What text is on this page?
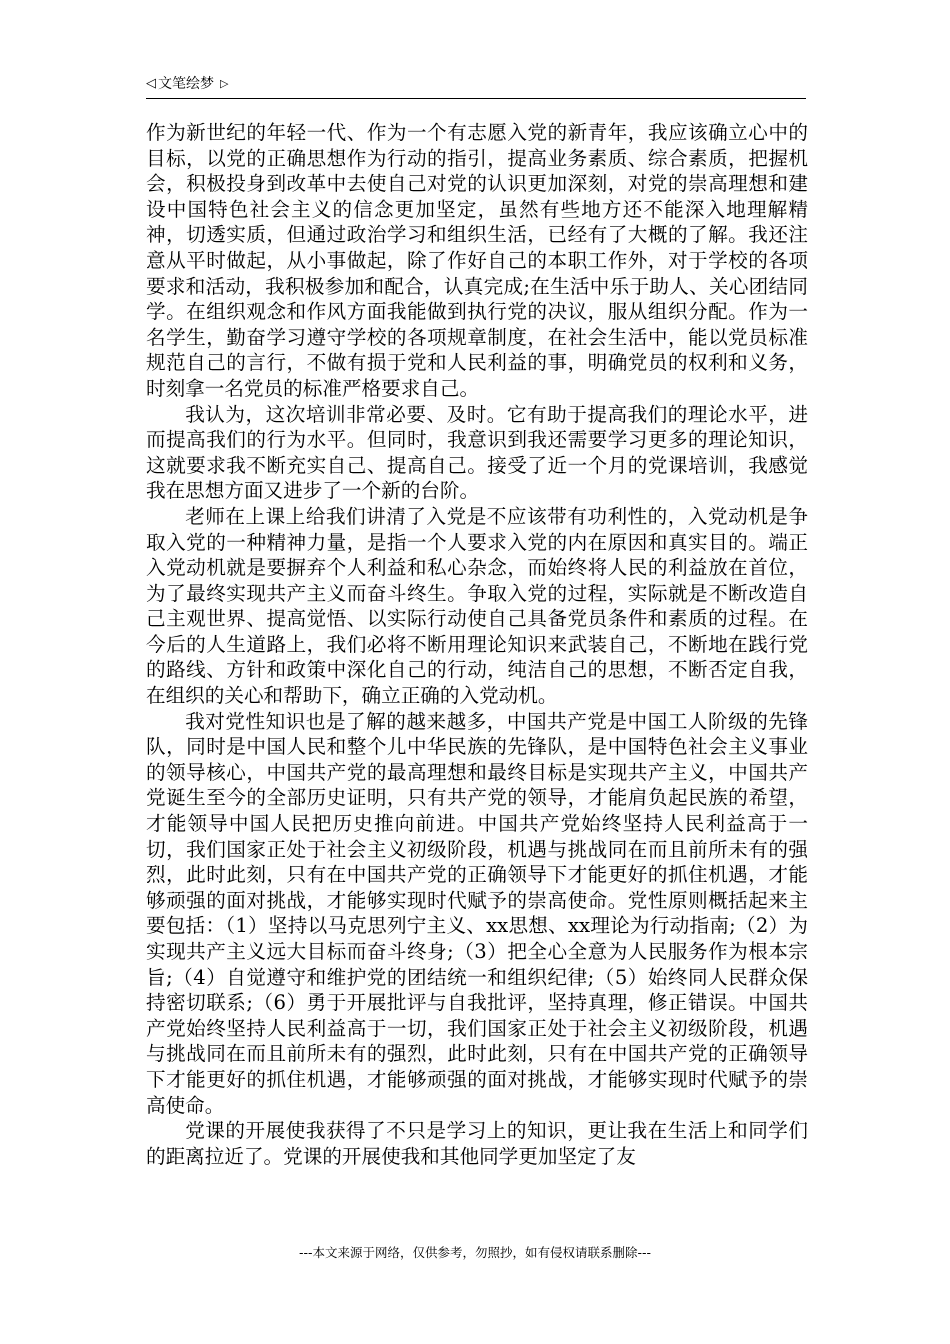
◁ 文笔绘梦 ▷

作为新世纪的年轻一代、作为一个有志愿入党的新青年，我应该确立心中的目标，以党的正确思想作为行动的指引，提高业务素质、综合素质，把握机会，积极投身到改革中去使自己对党的认识更加深刻，对党的崇高理想和建设中国特色社会主义的信念更加坚定，虽然有些地方还不能深入地理解精神，切透实质，但通过政治学习和组织生活，已经有了大概的了解。我还注意从平时做起，从小事做起，除了作好自己的本职工作外，对于学校的各项要求和活动，我积极参加和配合，认真完成;在生活中乐于助人、关心团结同学。在组织观念和作风方面我能做到执行党的决议，服从组织分配。作为一名学生，勤奋学习遵守学校的各项规章制度，在社会生活中，能以党员标准规范自己的言行，不做有损于党和人民利益的事，明确党员的权利和义务，时刻拿一名党员的标准严格要求自己。

我认为，这次培训非常必要、及时。它有助于提高我们的理论水平，进而提高我们的行为水平。但同时，我意识到我还需要学习更多的理论知识，这就要求我不断充实自己、提高自己。接受了近一个月的党课培训，我感觉我在思想方面又进步了一个新的台阶。

老师在上课上给我们讲清了入党是不应该带有功利性的，入党动机是争取入党的一种精神力量，是指一个人要求入党的内在原因和真实目的。端正入党动机就是要摒弃个人利益和私心杂念，而始终将人民的利益放在首位，为了最终实现共产主义而奋斗终生。争取入党的过程，实际就是不断改造自己主观世界、提高觉悟、以实际行动使自己具备党员条件和素质的过程。在今后的人生道路上，我们必将不断用理论知识来武装自己，不断地在践行党的路线、方针和政策中深化自己的行动，纯洁自己的思想，不断否定自我，在组织的关心和帮助下，确立正确的入党动机。

我对党性知识也是了解的越来越多，中国共产党是中国工人阶级的先锋队，同时是中国人民和整个儿中华民族的先锋队，是中国特色社会主义事业的领导核心，中国共产党的最高理想和最终目标是实现共产主义，中国共产党诞生至今的全部历史证明，只有共产党的领导，才能肩负起民族的希望，才能领导中国人民把历史推向前进。中国共产党始终坚持人民利益高于一切，我们国家正处于社会主义初级阶段，机遇与挑战同在而且前所未有的强烈，此时此刻，只有在中国共产党的正确领导下才能更好的抓住机遇，才能够顽强的面对挑战，才能够实现时代赋予的崇高使命。党性原则概括起来主要包括：（1）坚持以马克思列宁主义、xx思想、xx理论为行动指南;（2）为实现共产主义远大目标而奋斗终身;（3）把全心全意为人民服务作为根本宗旨;（4）自觉遵守和维护党的团结统一和组织纪律;（5）始终同人民群众保持密切联系;（6）勇于开展批评与自我批评，坚持真理，修正错误。中国共产党始终坚持人民利益高于一切，我们国家正处于社会主义初级阶段，机遇与挑战同在而且前所未有的强烈，此时此刻，只有在中国共产党的正确领导下才能更好的抓住机遇，才能够顽强的面对挑战，才能够实现时代赋予的崇高使命。

党课的开展使我获得了不只是学习上的知识，更让我在生活上和同学们的距离拉近了。党课的开展使我和其他同学更加坚定了友

---本文来源于网络，仅供参考，勿照抄，如有侵权请联系删除---
